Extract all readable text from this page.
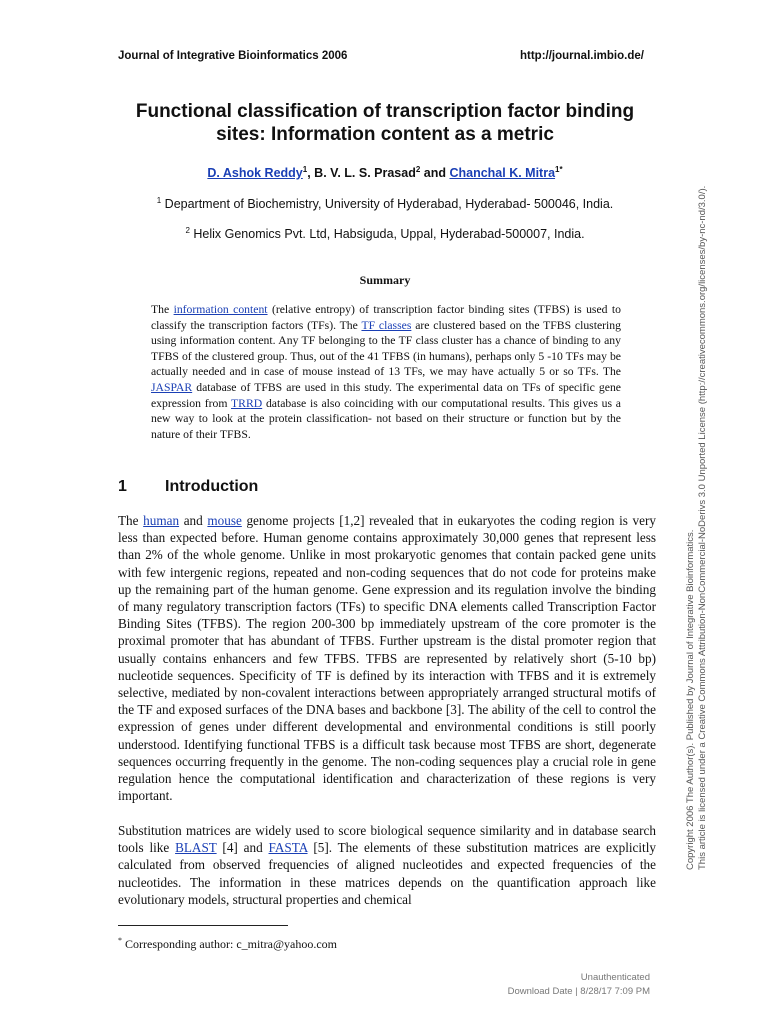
Journal of Integrative Bioinformatics 2006	http://journal.imbio.de/
Functional classification of transcription factor binding
sites: Information content as a metric
D. Ashok Reddy$^1$, B. V. L. S. Prasad$^2$ and Chanchal K. Mitra$^{1*}$
$^1$ Department of Biochemistry, University of Hyderabad, Hyderabad- 500046, India.
$^2$ Helix Genomics Pvt. Ltd, Habsiguda, Uppal, Hyderabad-500007, India.
Summary
The information content (relative entropy) of transcription factor binding sites (TFBS) is used to classify the transcription factors (TFs). The TF classes are clustered based on the TFBS clustering using information content. Any TF belonging to the TF class cluster has a chance of binding to any TFBS of the clustered group. Thus, out of the 41 TFBS (in humans), perhaps only 5 -10 TFs may be actually needed and in case of mouse instead of 13 TFs, we may have actually 5 or so TFs. The JASPAR database of TFBS are used in this study. The experimental data on TFs of specific gene expression from TRRD database is also coinciding with our computational results. This gives us a new way to look at the protein classification- not based on their structure or function but by the nature of their TFBS.
1 Introduction
The human and mouse genome projects [1,2] revealed that in eukaryotes the coding region is very less than expected before. Human genome contains approximately 30,000 genes that represent less than 2% of the whole genome. Unlike in most prokaryotic genomes that contain packed gene units with few intergenic regions, repeated and non-coding sequences that do not code for proteins make up the remaining part of the human genome. Gene expression and its regulation involve the binding of many regulatory transcription factors (TFs) to specific DNA elements called Transcription Factor Binding Sites (TFBS). The region 200-300 bp immediately upstream of the core promoter is the proximal promoter that has abundant of TFBS. Further upstream is the distal promoter region that usually contains enhancers and few TFBS. TFBS are represented by relatively short (5-10 bp) nucleotide sequences. Specificity of TF is defined by its interaction with TFBS and it is extremely selective, mediated by non-covalent interactions between appropriately arranged structural motifs of the TF and exposed surfaces of the DNA bases and backbone [3]. The ability of the cell to control the expression of genes under different developmental and environmental conditions is still poorly understood. Identifying functional TFBS is a difficult task because most TFBS are short, degenerate sequences occurring frequently in the genome. The non-coding sequences play a crucial role in gene regulation hence the computational identification and characterization of these regions is very important.
Substitution matrices are widely used to score biological sequence similarity and in database search tools like BLAST [4] and FASTA [5]. The elements of these substitution matrices are explicitly calculated from observed frequencies of aligned nucleotides and expected frequencies of the nucleotides. The information in these matrices depends on the quantification approach like evolutionary models, structural properties and chemical
* Corresponding author: c_mitra@yahoo.com
Copyright 2006 The Author(s). Published by Journal of Integrative Bioinformatics. This article is licensed under a Creative Commons Attribution-NonCommercial-NoDerivs 3.0 Unported License (http://creativecommons.org/licenses/by-nc-nd/3.0/).
Unauthenticated
Download Date | 8/28/17 7:09 PM
